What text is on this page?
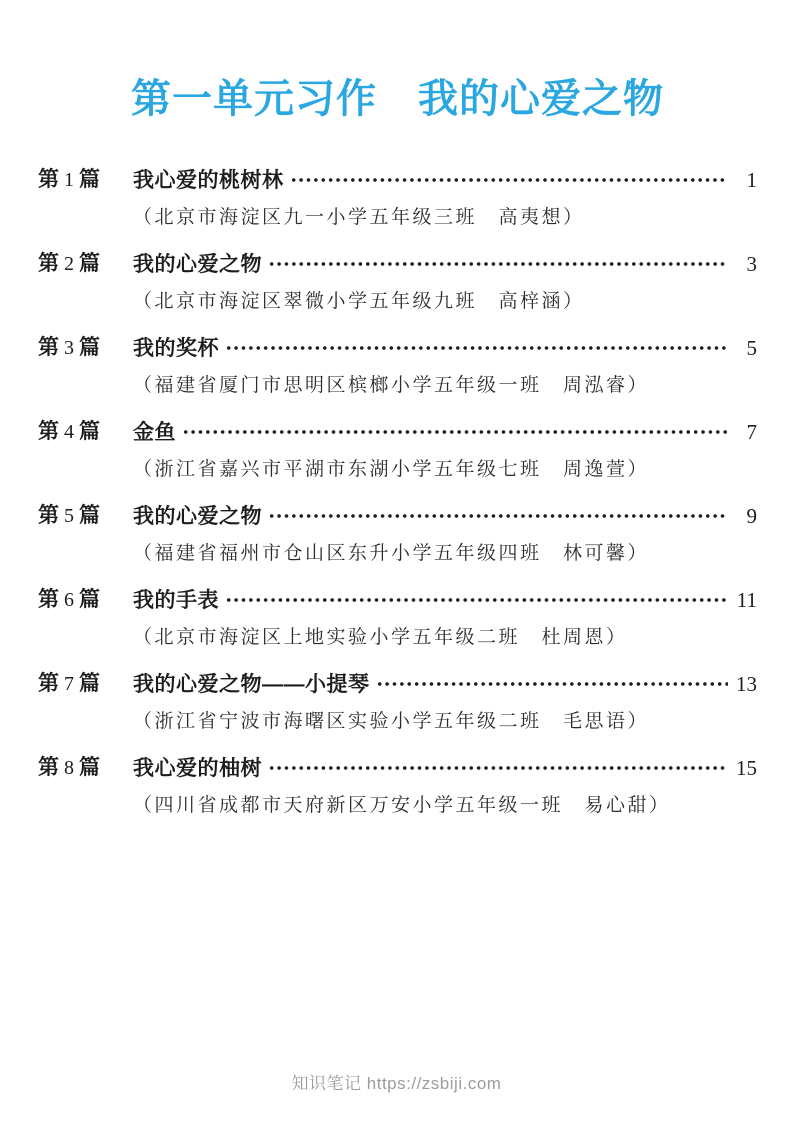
第一单元习作　我的心爱之物
第 1 篇 我心爱的桃树林	1
（北京市海淀区九一小学五年级三班　高夷想）
第 2 篇 我的心爱之物	3
（北京市海淀区翠微小学五年级九班　高梓涵）
第 3 篇 我的奖杯	5
（福建省厦门市思明区槟榔小学五年级一班　周泓睿）
第 4 篇 金鱼	7
（浙江省嘉兴市平湖市东湖小学五年级七班　周逸萱）
第 5 篇 我的心爱之物	9
（福建省福州市仓山区东升小学五年级四班　林可馨）
第 6 篇 我的手表	11
（北京市海淀区上地实验小学五年级二班　杜周恩）
第 7 篇 我的心爱之物——小提琴	13
（浙江省宁波市海曙区实验小学五年级二班　毛思语）
第 8 篇 我心爱的柚树	15
（四川省成都市天府新区万安小学五年级一班　易心甜）
知识笔记 https://zsbiji.com
